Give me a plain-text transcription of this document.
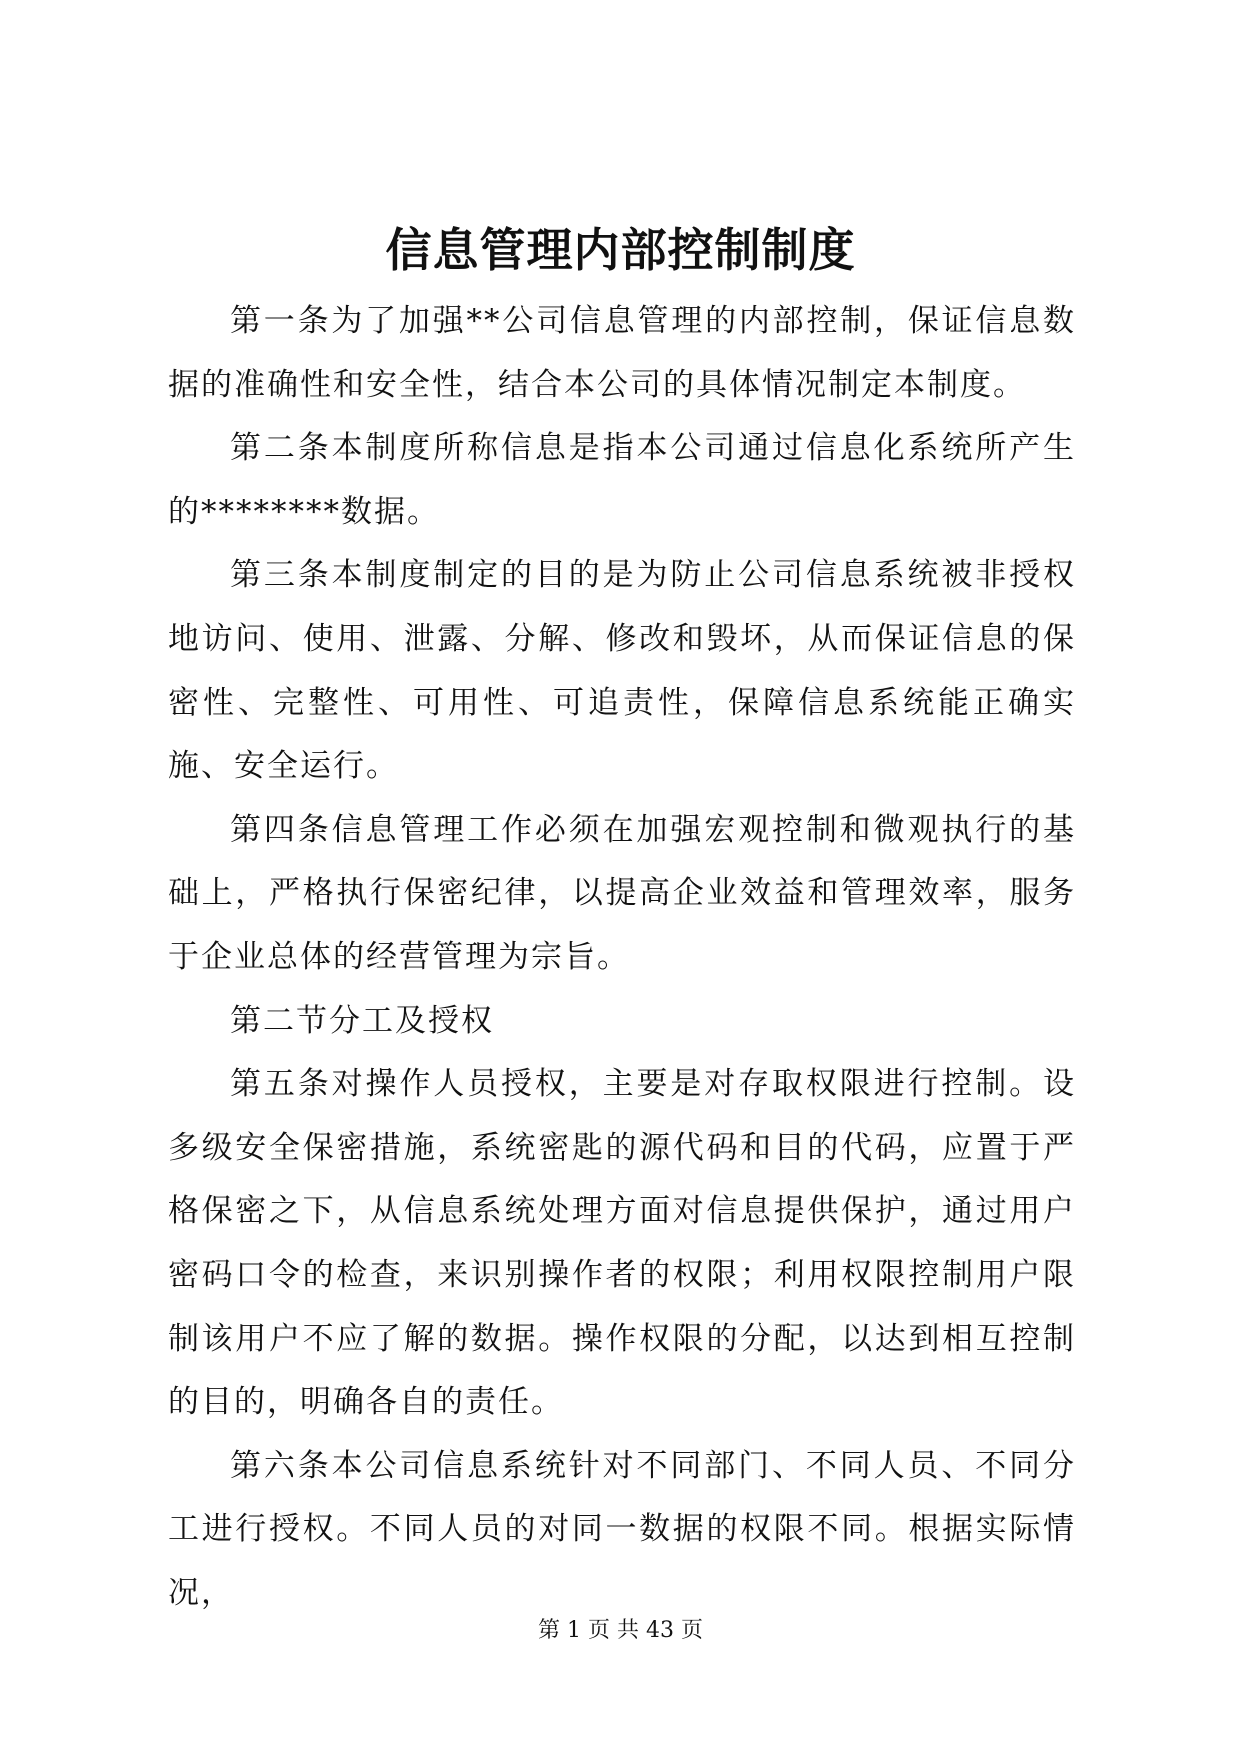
信息管理内部控制制度

第一条为了加强**公司信息管理的内部控制，保证信息数据的准确性和安全性，结合本公司的具体情况制定本制度。

第二条本制度所称信息是指本公司通过信息化系统所产生的********数据。

第三条本制度制定的目的是为防止公司信息系统被非授权地访问、使用、泄露、分解、修改和毁坏，从而保证信息的保密性、完整性、可用性、可追责性，保障信息系统能正确实施、安全运行。

第四条信息管理工作必须在加强宏观控制和微观执行的基础上，严格执行保密纪律，以提高企业效益和管理效率，服务于企业总体的经营管理为宗旨。

第二节分工及授权

第五条对操作人员授权，主要是对存取权限进行控制。设多级安全保密措施，系统密匙的源代码和目的代码，应置于严格保密之下，从信息系统处理方面对信息提供保护，通过用户密码口令的检查，来识别操作者的权限；利用权限控制用户限制该用户不应了解的数据。操作权限的分配，以达到相互控制的目的，明确各自的责任。

第六条本公司信息系统针对不同部门、不同人员、不同分工进行授权。不同人员的对同一数据的权限不同。根据实际情况，

第 1 页 共 43 页
